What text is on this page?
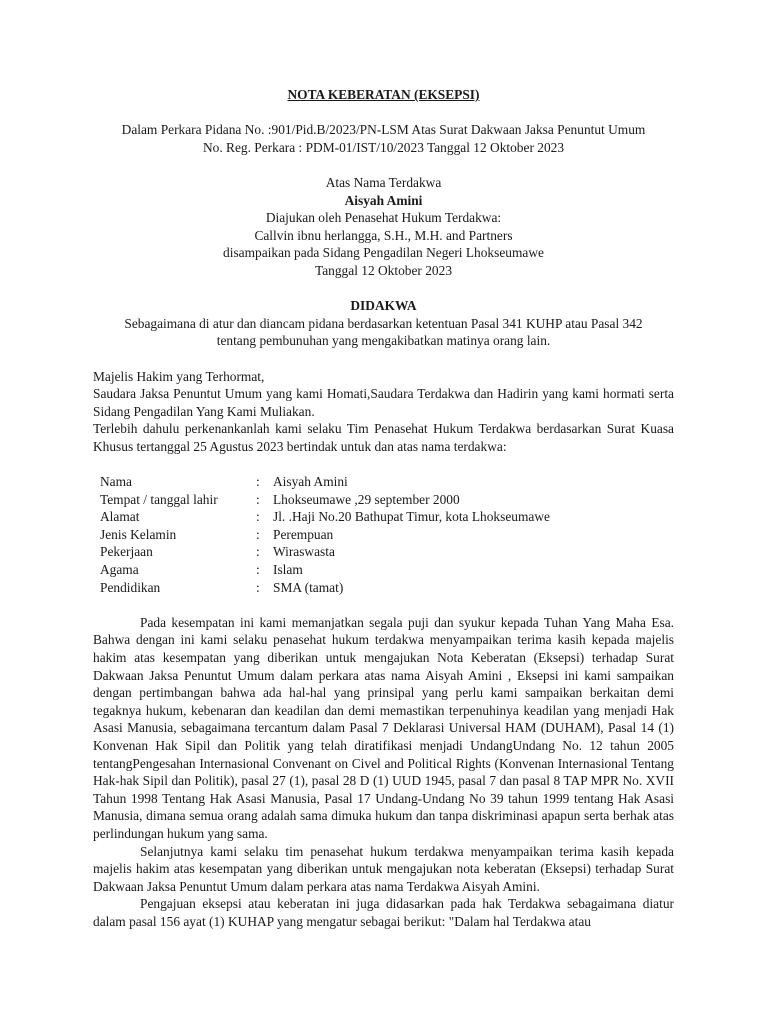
NOTA KEBERATAN (EKSEPSI)
Dalam Perkara Pidana No. :901/Pid.B/2023/PN-LSM Atas Surat Dakwaan Jaksa Penuntut Umum
No. Reg. Perkara : PDM-01/IST/10/2023 Tanggal 12 Oktober 2023
Atas Nama Terdakwa
Aisyah Amini
Diajukan oleh Penasehat Hukum Terdakwa:
Callvin ibnu herlangga, S.H., M.H. and Partners
disampaikan pada Sidang Pengadilan Negeri Lhokseumawe
Tanggal 12 Oktober 2023
DIDAKWA
Sebagaimana di atur dan diancam pidana berdasarkan ketentuan Pasal 341 KUHP atau Pasal 342
tentang pembunuhan yang mengakibatkan matinya orang lain.
Majelis Hakim yang Terhormat,

Saudara Jaksa Penuntut Umum yang kami Homati,Saudara Terdakwa dan Hadirin yang kami hormati serta Sidang Pengadilan Yang Kami Muliakan.

Terlebih dahulu perkenankanlah kami selaku Tim Penasehat Hukum Terdakwa berdasarkan Surat Kuasa Khusus tertanggal 25 Agustus 2023 bertindak untuk dan atas nama terdakwa:

Nama	:	Aisyah Amini
Tempat / tanggal lahir	:	Lhokseumawe ,29 september 2000
Alamat	:	Jl. .Haji No.20 Bathupat Timur, kota Lhokseumawe
Jenis Kelamin	:	Perempuan
Pekerjaan	:	Wiraswasta
Agama	:	Islam
Pendidikan	:	SMA (tamat)

Pada kesempatan ini kami memanjatkan segala puji dan syukur kepada Tuhan Yang Maha Esa. Bahwa dengan ini kami selaku penasehat hukum terdakwa menyampaikan terima kasih kepada majelis hakim atas kesempatan yang diberikan untuk mengajukan Nota Keberatan (Eksepsi) terhadap Surat Dakwaan Jaksa Penuntut Umum dalam perkara atas nama Aisyah Amini , Eksepsi ini kami sampaikan dengan pertimbangan bahwa ada hal-hal yang prinsipal yang perlu kami sampaikan berkaitan demi tegaknya hukum, kebenaran dan keadilan dan demi memastikan terpenuhinya keadilan yang menjadi Hak Asasi Manusia, sebagaimana tercantum dalam Pasal 7 Deklarasi Universal HAM (DUHAM), Pasal 14 (1) Konvenan Hak Sipil dan Politik yang telah diratifikasi menjadi UndangUndang No. 12 tahun 2005 tentangPengesahan Internasional Convenant on Civel and Political Rights (Konvenan Internasional Tentang Hak-hak Sipil dan Politik), pasal 27 (1), pasal 28 D (1) UUD 1945, pasal 7 dan pasal 8 TAP MPR No. XVII Tahun 1998 Tentang Hak Asasi Manusia, Pasal 17 Undang-Undang No 39 tahun 1999 tentang Hak Asasi Manusia, dimana semua orang adalah sama dimuka hukum dan tanpa diskriminasi apapun serta berhak atas perlindungan hukum yang sama.

Selanjutnya kami selaku tim penasehat hukum terdakwa menyampaikan terima kasih kepada majelis hakim atas kesempatan yang diberikan untuk mengajukan nota keberatan (Eksepsi) terhadap Surat Dakwaan Jaksa Penuntut Umum dalam perkara atas nama Terdakwa Aisyah Amini.

Pengajuan eksepsi atau keberatan ini juga didasarkan pada hak Terdakwa sebagaimana diatur dalam pasal 156 ayat (1) KUHAP yang mengatur sebagai berikut: "Dalam hal Terdakwa atau
